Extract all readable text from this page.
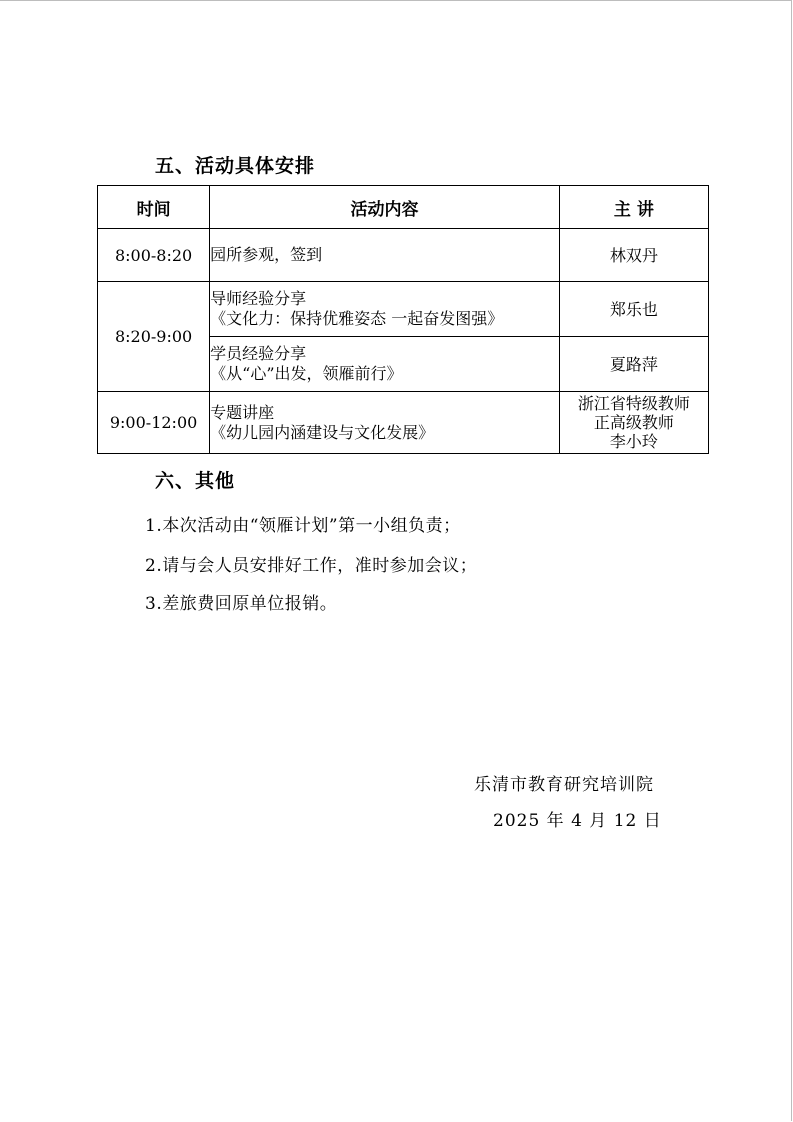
五、活动具体安排
时间	活动内容	主 讲
8:00-8:20	园所参观，签到	林双丹

8:20-9:00	导师经验分享
《文化力：保持优雅姿态 一起奋发图强》	郑乐也

	学员经验分享
《从“心”出发，领雁前行》	夏路萍

9:00-12:00	专题讲座
《幼儿园内涵建设与文化发展》	浙江省特级教师
正高级教师
李小玲
六、其他
1.本次活动由“领雁计划”第一小组负责；
2.请与会人员安排好工作，准时参加会议；
3.差旅费回原单位报销。
乐清市教育研究培训院
2025 年 4 月 12 日
